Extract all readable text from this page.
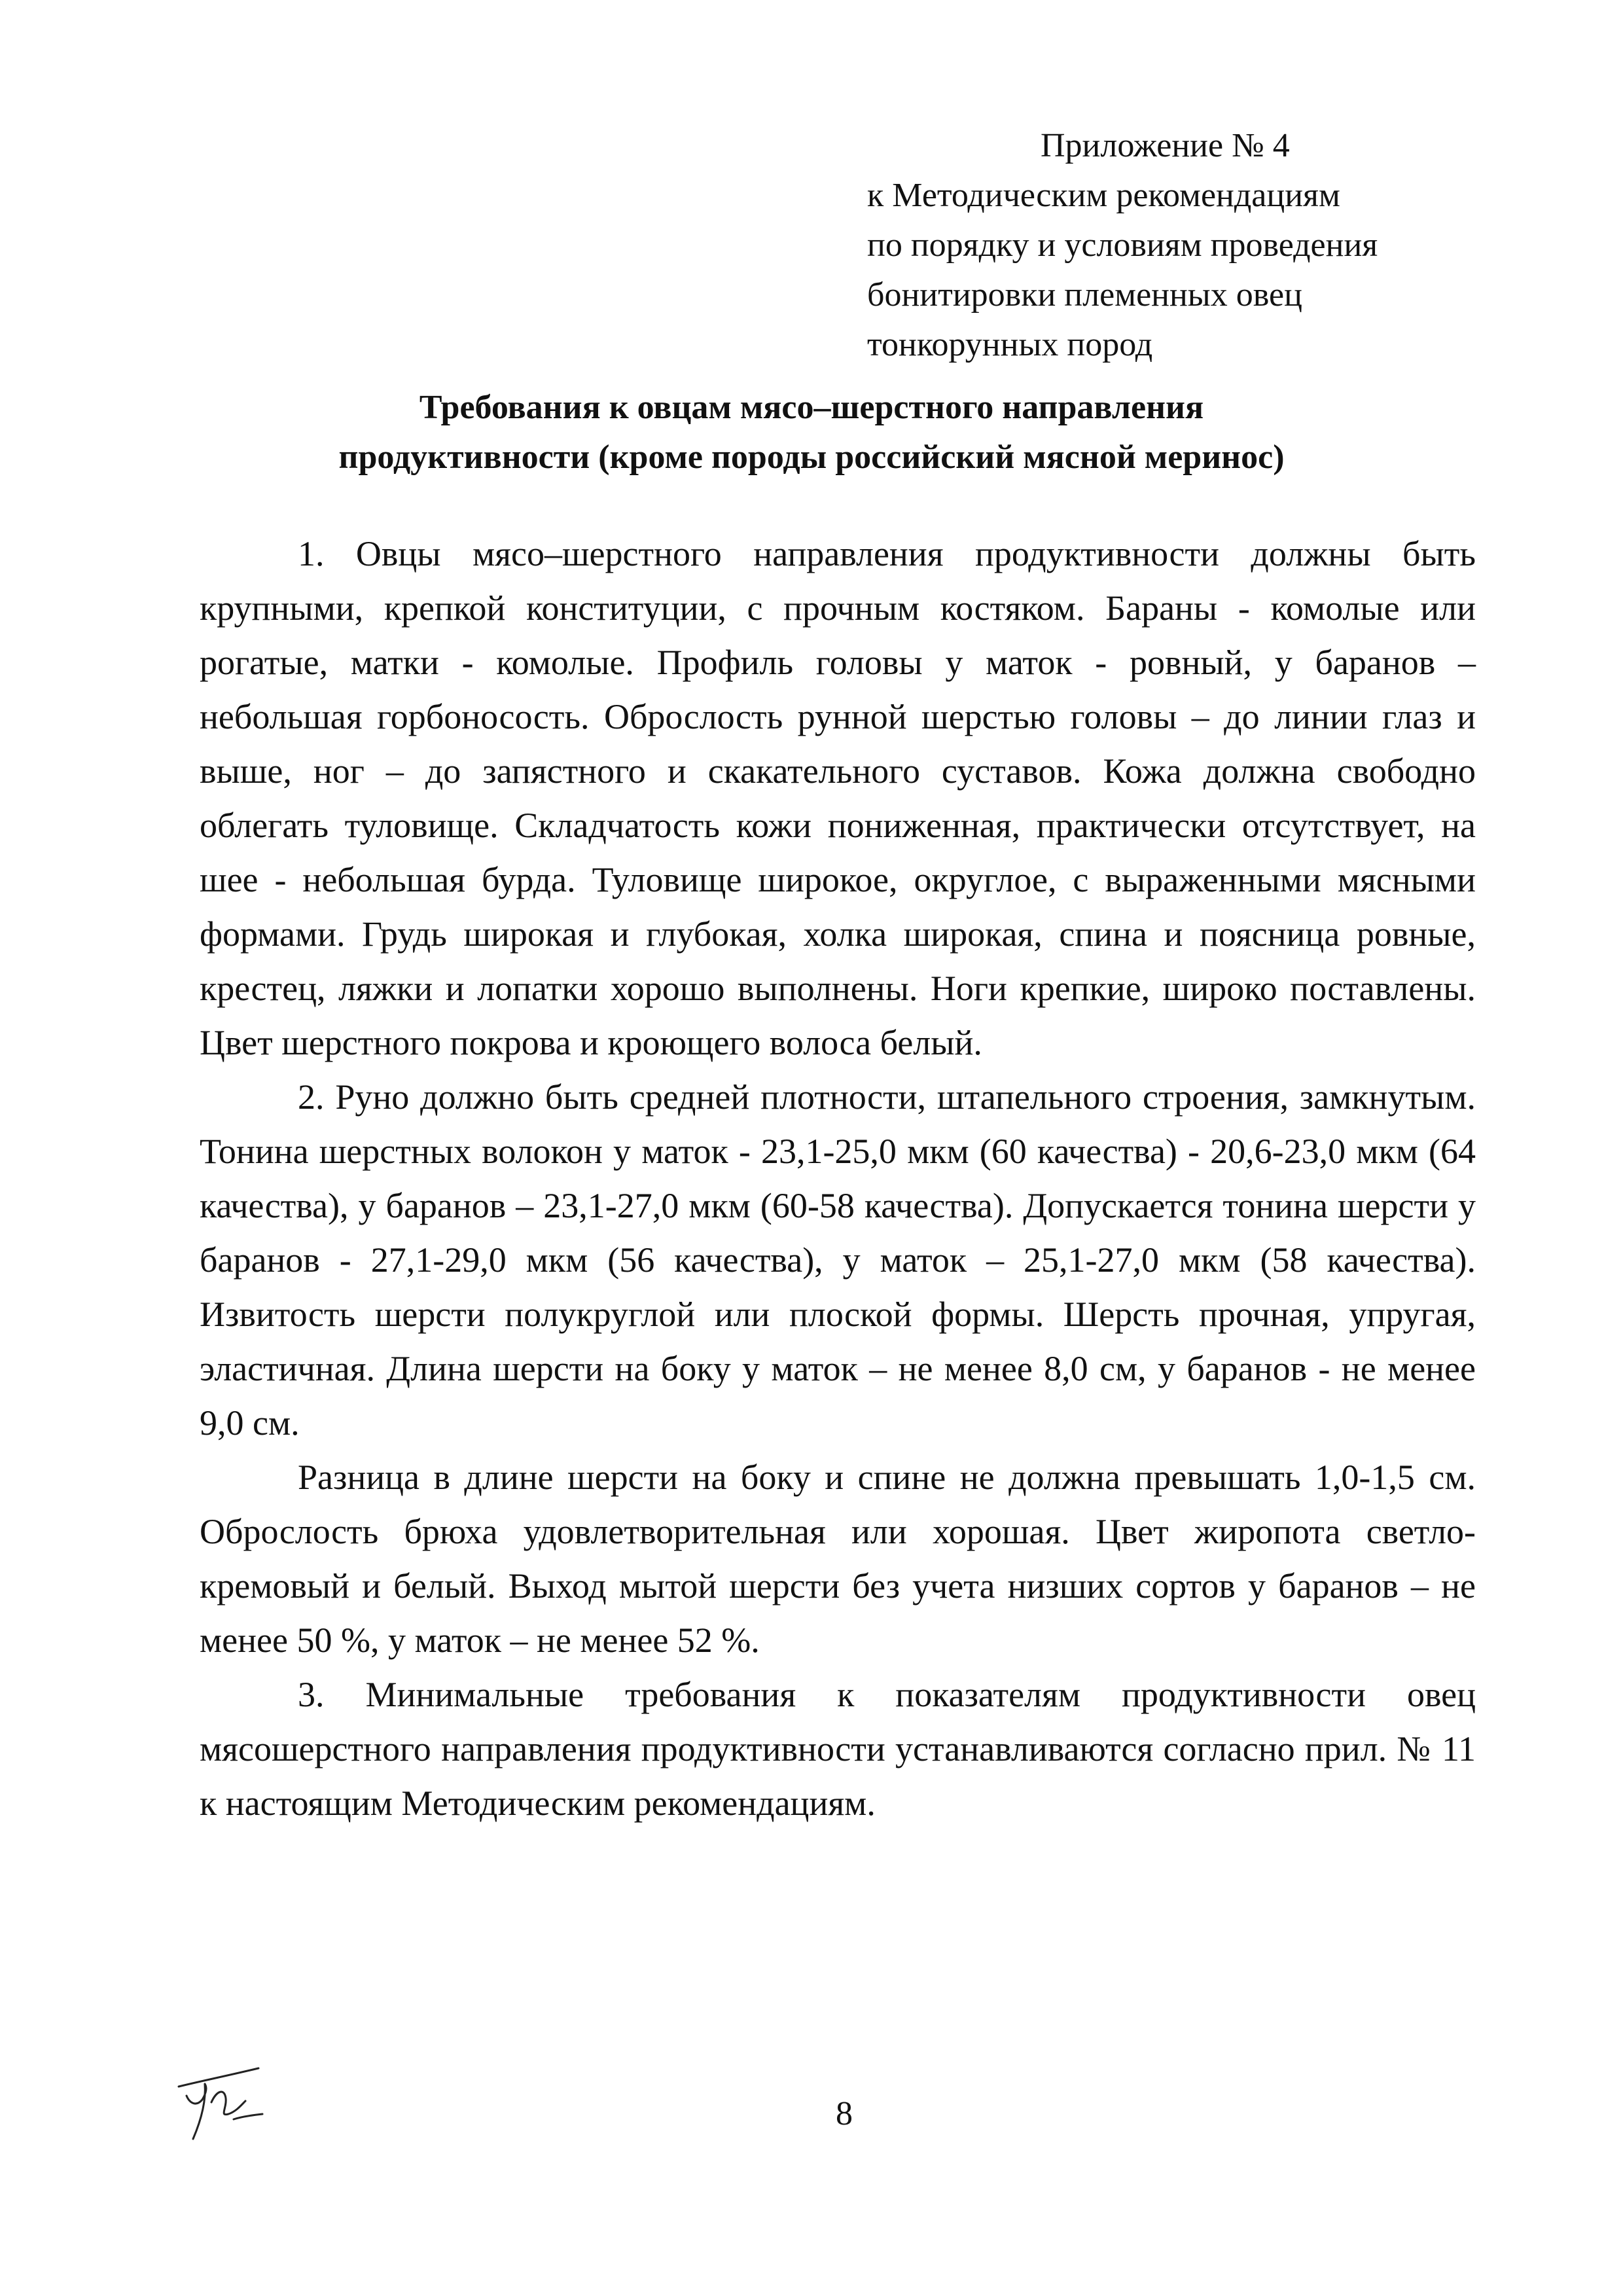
Приложение № 4
к Методическим рекомендациям
по порядку и условиям проведения
бонитировки племенных овец
тонкорунных пород
Требования к овцам мясо–шерстного направления
продуктивности (кроме породы российский мясной меринос)

1. Овцы мясо–шерстного направления продуктивности должны быть крупными, крепкой конституции, с прочным костяком. Бараны - комолые или рогатые, матки - комолые. Профиль головы у маток - ровный, у баранов – небольшая горбоносость. Оброслость рунной шерстью головы – до линии глаз и выше, ног – до запястного и скакательного суставов. Кожа должна свободно облегать туловище. Складчатость кожи пониженная, практически отсутствует, на шее - небольшая бурда. Туловище широкое, округлое, с выраженными мясными формами. Грудь широкая и глубокая, холка широкая, спина и поясница ровные, крестец, ляжки и лопатки хорошо выполнены. Ноги крепкие, широко поставлены. Цвет шерстного покрова и кроющего волоса белый.

2. Руно должно быть средней плотности, штапельного строения, замкнутым. Тонина шерстных волокон у маток - 23,1-25,0 мкм (60 качества) - 20,6-23,0 мкм (64 качества), у баранов – 23,1-27,0 мкм (60-58 качества). Допускается тонина шерсти у баранов - 27,1-29,0 мкм (56 качества), у маток – 25,1-27,0 мкм (58 качества). Извитость шерсти полукруглой или плоской формы. Шерсть прочная, упругая, эластичная. Длина шерсти на боку у маток – не менее 8,0 см, у баранов - не менее 9,0 см.

Разница в длине шерсти на боку и спине не должна превышать 1,0-1,5 см. Оброслость брюха удовлетворительная или хорошая. Цвет жиропота светло-кремовый и белый. Выход мытой шерсти без учета низших сортов у баранов – не менее 50 %, у маток – не менее 52 %.

3. Минимальные требования к показателям продуктивности овец мясошерстного направления продуктивности устанавливаются согласно прил. № 11 к настоящим Методическим рекомендациям.

8
